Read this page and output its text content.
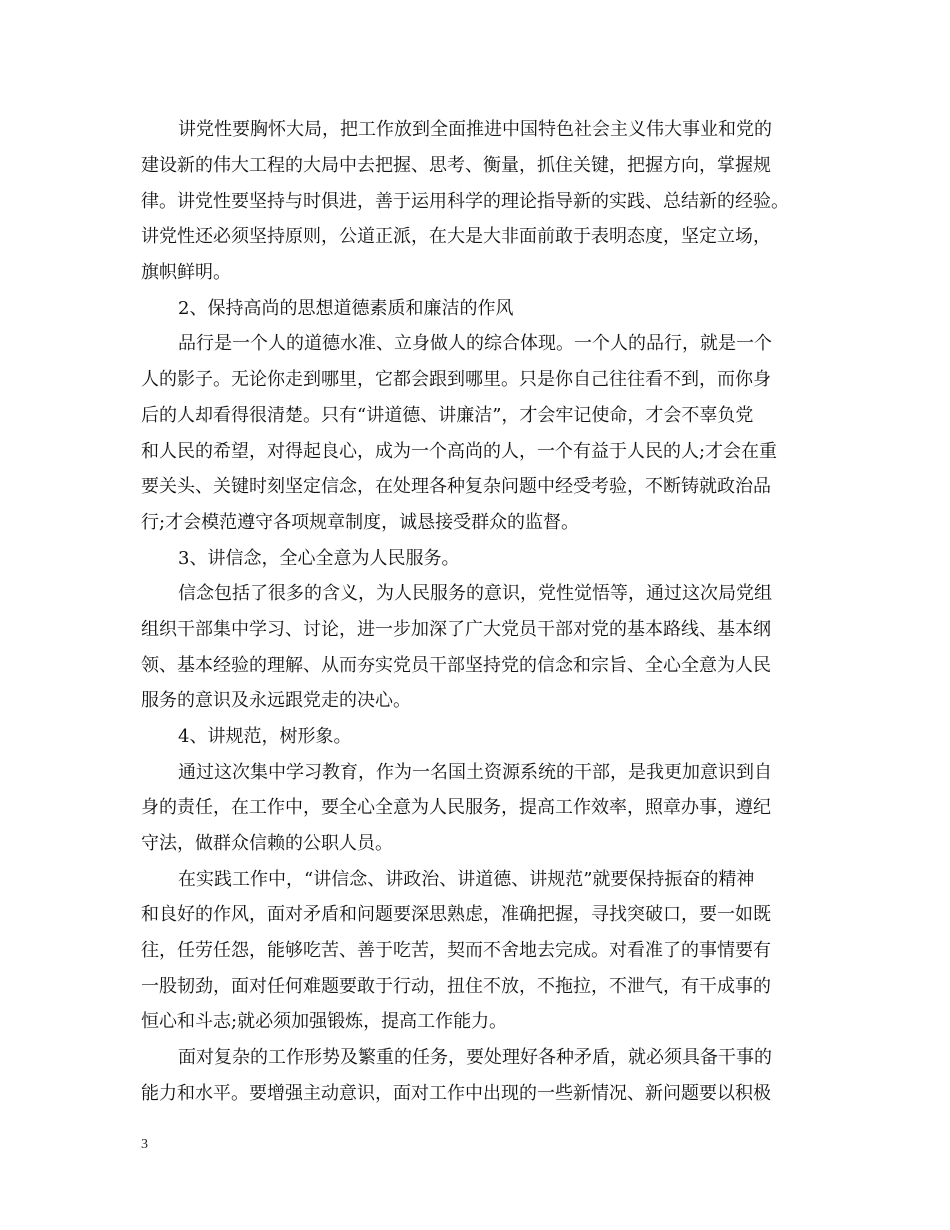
讲党性要胸怀大局，把工作放到全面推进中国特色社会主义伟大事业和党的
建设新的伟大工程的大局中去把握、思考、衡量，抓住关键，把握方向，掌握规
律。讲党性要坚持与时俱进，善于运用科学的理论指导新的实践、总结新的经验。
讲党性还必须坚持原则，公道正派，在大是大非面前敢于表明态度，坚定立场，
旗帜鲜明。
2、保持高尚的思想道德素质和廉洁的作风
品行是一个人的道德水准、立身做人的综合体现。一个人的品行，就是一个
人的影子。无论你走到哪里，它都会跟到哪里。只是你自己往往看不到，而你身
后的人却看得很清楚。只有“讲道德、讲廉洁”，才会牢记使命，才会不辜负党
和人民的希望，对得起良心，成为一个高尚的人，一个有益于人民的人;才会在重
要关头、关键时刻坚定信念，在处理各种复杂问题中经受考验，不断铸就政治品
行;才会模范遵守各项规章制度，诚恳接受群众的监督。
3、讲信念，全心全意为人民服务。
信念包括了很多的含义，为人民服务的意识，党性觉悟等，通过这次局党组
组织干部集中学习、讨论，进一步加深了广大党员干部对党的基本路线、基本纲
领、基本经验的理解、从而夯实党员干部坚持党的信念和宗旨、全心全意为人民
服务的意识及永远跟党走的决心。
4、讲规范，树形象。
通过这次集中学习教育，作为一名国土资源系统的干部，是我更加意识到自
身的责任，在工作中，要全心全意为人民服务，提高工作效率，照章办事，遵纪
守法，做群众信赖的公职人员。
在实践工作中，“讲信念、讲政治、讲道德、讲规范”就要保持振奋的精神
和良好的作风，面对矛盾和问题要深思熟虑，准确把握，寻找突破口，要一如既
往，任劳任怨，能够吃苦、善于吃苦，契而不舍地去完成。对看准了的事情要有
一股韧劲，面对任何难题要敢于行动，扭住不放，不拖拉，不泄气，有干成事的
恒心和斗志;就必须加强锻炼，提高工作能力。
面对复杂的工作形势及繁重的任务，要处理好各种矛盾，就必须具备干事的
能力和水平。要增强主动意识，面对工作中出现的一些新情况、新问题要以积极
3
